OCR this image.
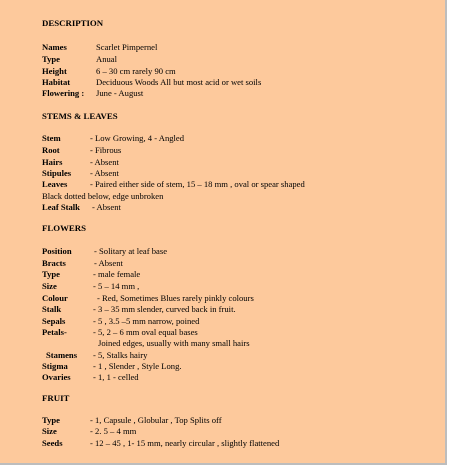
DESCRIPTION
Names	Scarlet Pimpernel
Type	Anual
Height	6 – 30 cm rarely 90 cm
Habitat	Deciduous Woods All but most acid or wet soils
Flowering : June - August
STEMS & LEAVES
Stem	- Low Growing, 4 - Angled
Root	- Fibrous
Hairs	- Absent
Stipules - Absent
Leaves	- Paired either side of stem, 15 – 18 mm , oval or spear shaped
Black dotted below, edge unbroken
Leaf Stalk - Absent
FLOWERS
Position	- Solitary at leaf base
Bracts	- Absent
Type	- male female
Size	- 5 – 14 mm ,
Colour	- Red, Sometimes Blues rarely pinkly colours
Stalk	- 3 – 35 mm slender, curved back in fruit.
Sepals	- 5 , 3.5 –5 mm narrow, poined
Petals-	- 5, 2 – 6 mm oval equal bases
Joined edges, usually with many small hairs
Stamens - 5, Stalks hairy
Stigma	- 1 , Slender , Style Long.
Ovaries	- 1, 1 - celled
FRUIT
Type	- 1, Capsule , Globular , Top Splits off
Size	- 2. 5 – 4 mm
Seeds	- 12 – 45 , 1- 15 mm, nearly circular , slightly flattened
